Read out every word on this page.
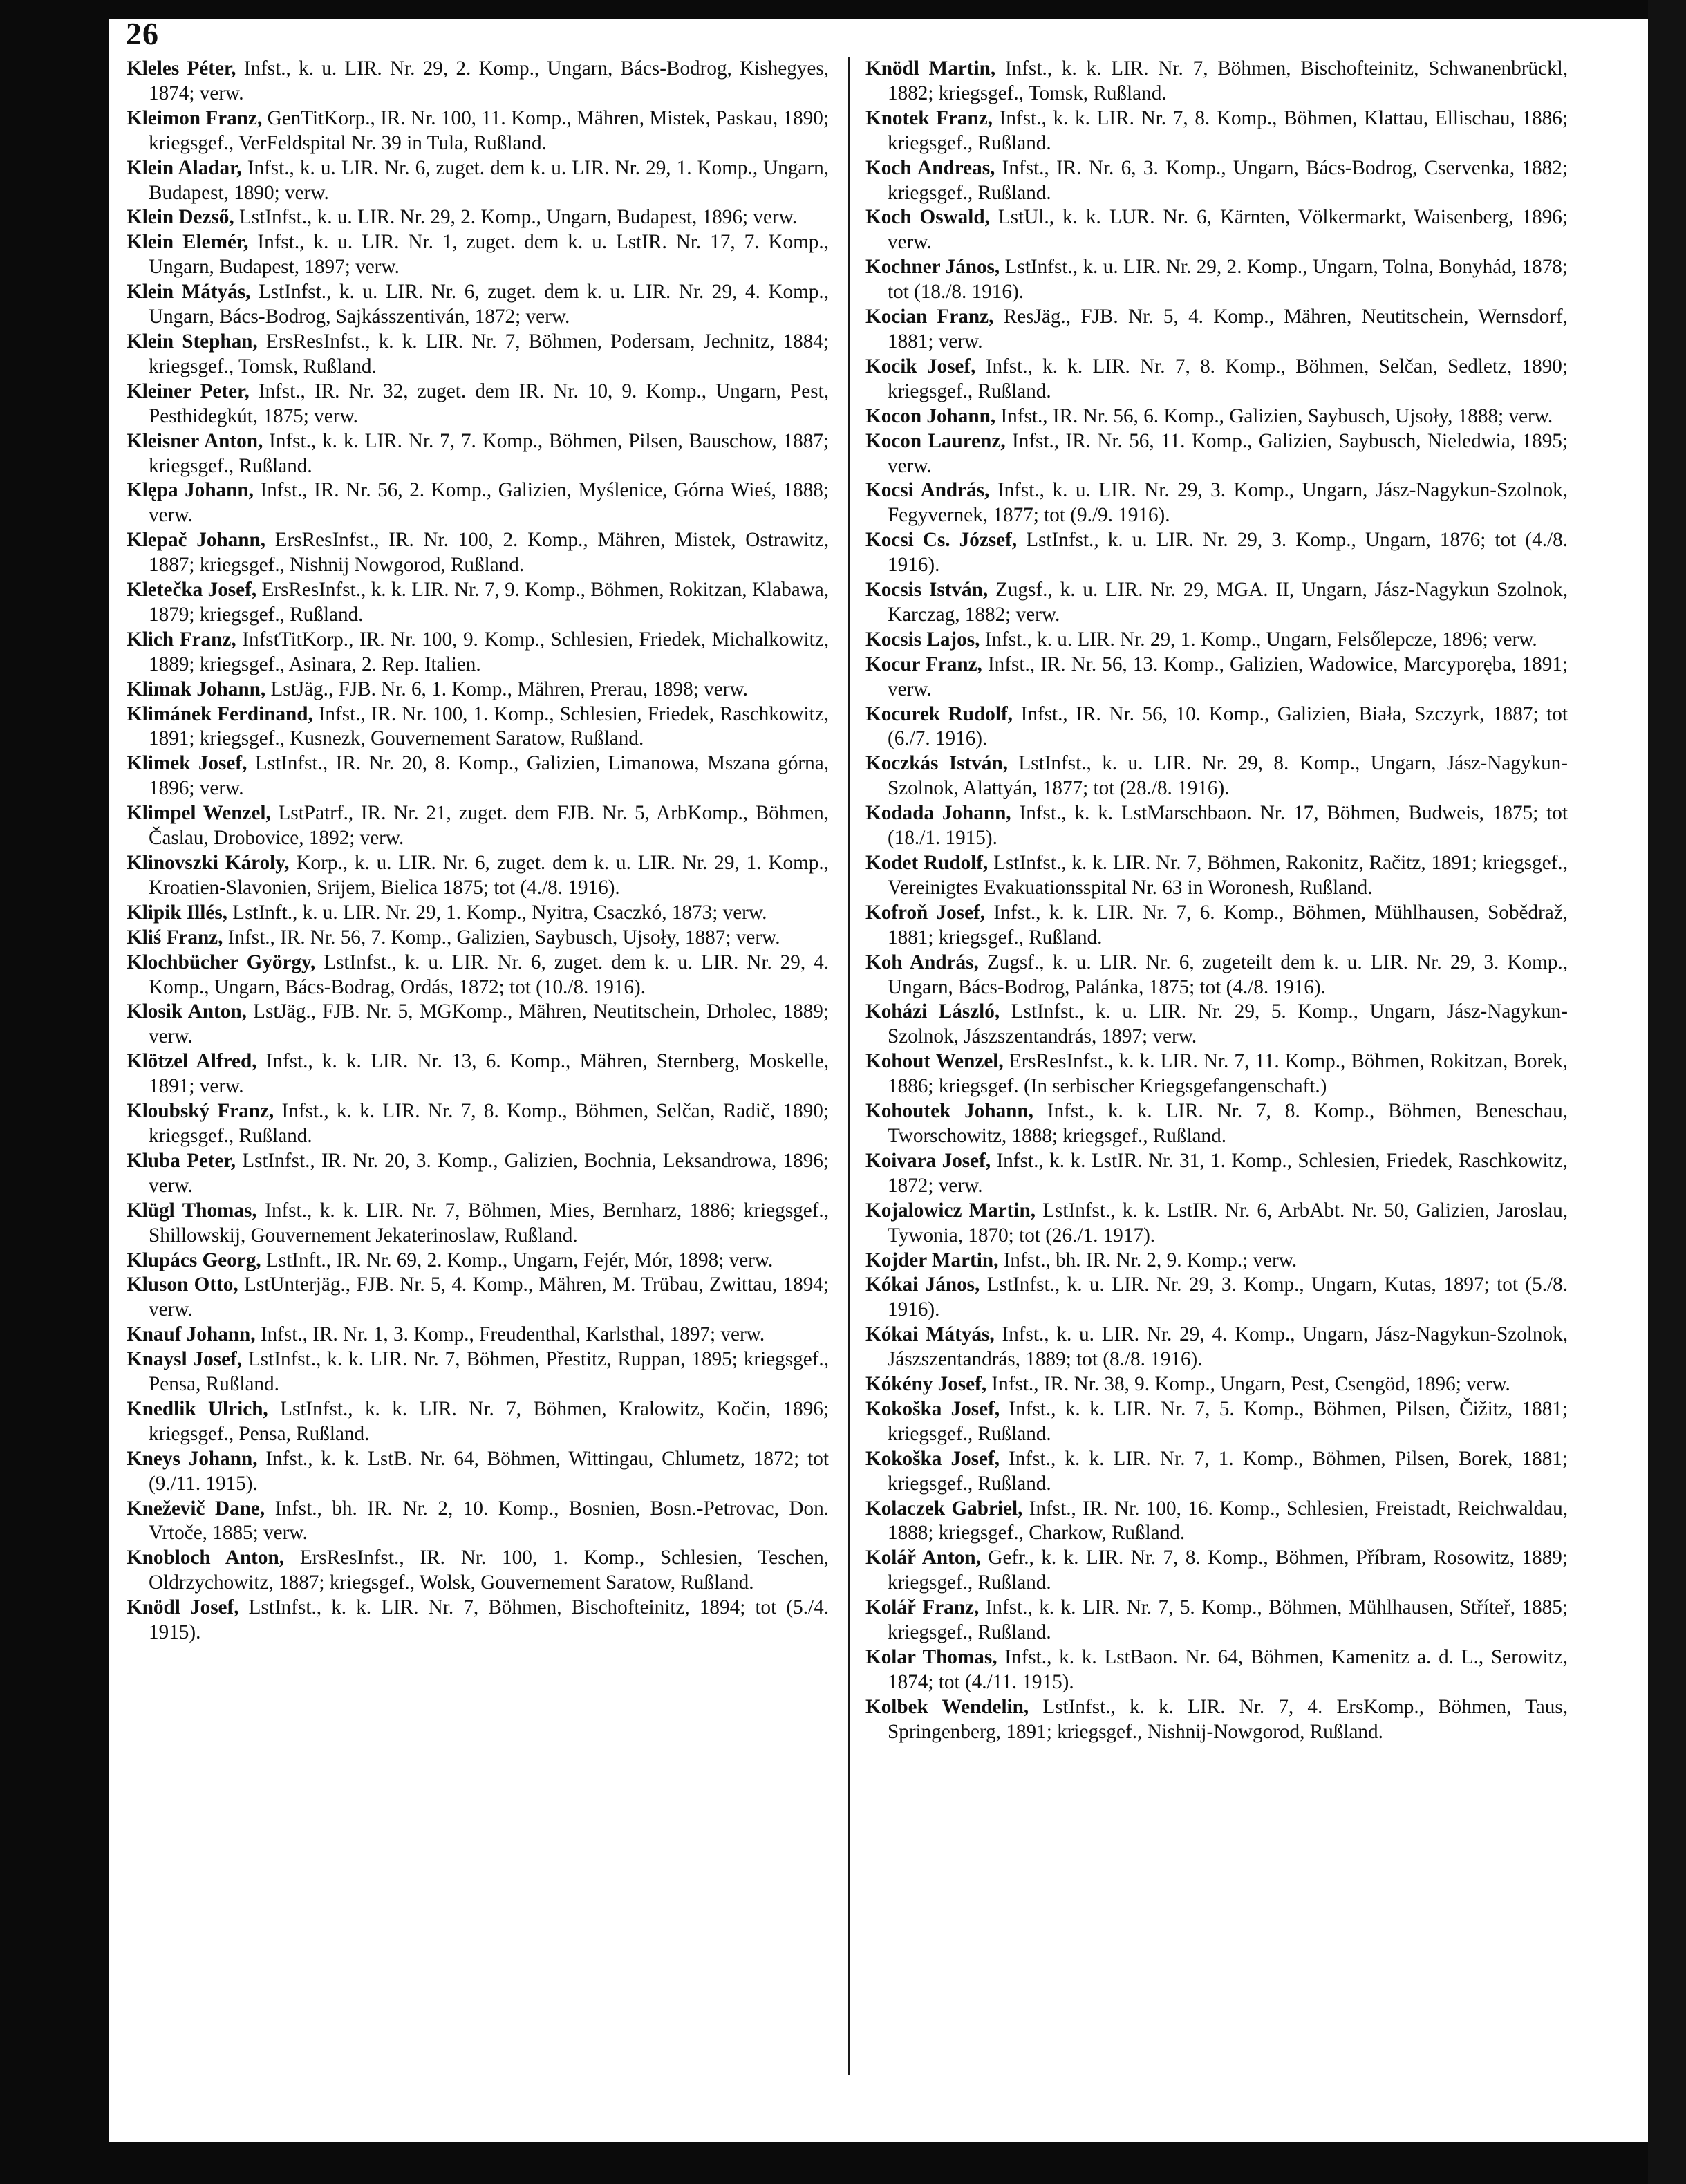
26

Kleles Péter, Infst., k. u. LIR. Nr. 29, 2. Komp., Ungarn, Bács-Bodrog, Kishegyes, 1874; verw.

Kleimon Franz, GenTitKorp., IR. Nr. 100, 11. Komp., Mähren, Mistek, Paskau, 1890; kriegsgef., VerFeldspital Nr. 39 in Tula, Rußland.

Klein Aladar, Infst., k. u. LIR. Nr. 6, zuget. dem k. u. LIR. Nr. 29, 1. Komp., Ungarn, Budapest, 1890; verw.

Klein Dezső, LstInfst., k. u. LIR. Nr. 29, 2. Komp., Ungarn, Budapest, 1896; verw.

Klein Elemér, Infst., k. u. LIR. Nr. 1, zuget. dem k. u. LstIR. Nr. 17, 7. Komp., Ungarn, Budapest, 1897; verw.

Klein Mátyás, LstInfst., k. u. LIR. Nr. 6, zuget. dem k. u. LIR. Nr. 29, 4. Komp., Ungarn, Bács-Bodrog, Sajkásszentiván, 1872; verw.

Klein Stephan, ErsResInfst., k. k. LIR. Nr. 7, Böhmen, Podersam, Jechnitz, 1884; kriegsgef., Tomsk, Rußland.

Kleiner Peter, Infst., IR. Nr. 32, zuget. dem IR. Nr. 10, 9. Komp., Ungarn, Pest, Pesthidegkút, 1875; verw.

Kleisner Anton, Infst., k. k. LIR. Nr. 7, 7. Komp., Böhmen, Pilsen, Bauschow, 1887; kriegsgef., Rußland.

Klępa Johann, Infst., IR. Nr. 56, 2. Komp., Galizien, Myślenice, Górna Wieś, 1888; verw.

Klepač Johann, ErsResInfst., IR. Nr. 100, 2. Komp., Mähren, Mistek, Ostrawitz, 1887; kriegsgef., Nishnij Nowgorod, Rußland.

Kletečka Josef, ErsResInfst., k. k. LIR. Nr. 7, 9. Komp., Böhmen, Rokitzan, Klabawa, 1879; kriegsgef., Rußland.

Klich Franz, InfstTitKorp., IR. Nr. 100, 9. Komp., Schlesien, Friedek, Michalkowitz, 1889; kriegsgef., Asinara, 2. Rep. Italien.

Klimak Johann, LstJäg., FJB. Nr. 6, 1. Komp., Mähren, Prerau, 1898; verw.

Klimánek Ferdinand, Infst., IR. Nr. 100, 1. Komp., Schlesien, Friedek, Raschkowitz, 1891; kriegsgef., Kusnezk, Gouvernement Saratow, Rußland.

Klimek Josef, LstInfst., IR. Nr. 20, 8. Komp., Galizien, Limanowa, Mszana górna, 1896; verw.

Klimpel Wenzel, LstPatrf., IR. Nr. 21, zuget. dem FJB. Nr. 5, ArbKomp., Böhmen, Časlau, Drobovice, 1892; verw.

Klinovszki Károly, Korp., k. u. LIR. Nr. 6, zuget. dem k. u. LIR. Nr. 29, 1. Komp., Kroatien-Slavonien, Srijem, Bielica 1875; tot (4./8. 1916).

Klipik Illés, LstInft., k. u. LIR. Nr. 29, 1. Komp., Nyitra, Csaczkó, 1873; verw.

Kliś Franz, Infst., IR. Nr. 56, 7. Komp., Galizien, Saybusch, Ujsoły, 1887; verw.

Klochbücher György, LstInfst., k. u. LIR. Nr. 6, zuget. dem k. u. LIR. Nr. 29, 4. Komp., Ungarn, Bács-Bodrag, Ordás, 1872; tot (10./8. 1916).

Klosik Anton, LstJäg., FJB. Nr. 5, MGKomp., Mähren, Neutitschein, Drholec, 1889; verw.

Klötzel Alfred, Infst., k. k. LIR. Nr. 13, 6. Komp., Mähren, Sternberg, Moskelle, 1891; verw.

Kloubský Franz, Infst., k. k. LIR. Nr. 7, 8. Komp., Böhmen, Selčan, Radič, 1890; kriegsgef., Rußland.

Kluba Peter, LstInfst., IR. Nr. 20, 3. Komp., Galizien, Bochnia, Leksandrowa, 1896; verw.

Klügl Thomas, Infst., k. k. LIR. Nr. 7, Böhmen, Mies, Bernharz, 1886; kriegsgef., Shillowskij, Gouvernement Jekaterinoslaw, Rußland.

Klupács Georg, LstInft., IR. Nr. 69, 2. Komp., Ungarn, Fejér, Mór, 1898; verw.

Kluson Otto, LstUnterjäg., FJB. Nr. 5, 4. Komp., Mähren, M. Trübau, Zwittau, 1894; verw.

Knauf Johann, Infst., IR. Nr. 1, 3. Komp., Freudenthal, Karlsthal, 1897; verw.

Knaysl Josef, LstInfst., k. k. LIR. Nr. 7, Böhmen, Přestitz, Ruppan, 1895; kriegsgef., Pensa, Rußland.

Knedlik Ulrich, LstInfst., k. k. LIR. Nr. 7, Böhmen, Kralowitz, Kočin, 1896; kriegsgef., Pensa, Rußland.

Kneys Johann, Infst., k. k. LstB. Nr. 64, Böhmen, Wittingau, Chlumetz, 1872; tot (9./11. 1915).

Kneževič Dane, Infst., bh. IR. Nr. 2, 10. Komp., Bosnien, Bosn.-Petrovac, Don. Vrtoče, 1885; verw.

Knobloch Anton, ErsResInfst., IR. Nr. 100, 1. Komp., Schlesien, Teschen, Oldrzychowitz, 1887; kriegsgef., Wolsk, Gouvernement Saratow, Rußland.

Knödl Josef, LstInfst., k. k. LIR. Nr. 7, Böhmen, Bischofteinitz, 1894; tot (5./4. 1915).

Knödl Martin, Infst., k. k. LIR. Nr. 7, Böhmen, Bischofteinitz, Schwanenbrückl, 1882; kriegsgef., Tomsk, Rußland.

Knotek Franz, Infst., k. k. LIR. Nr. 7, 8. Komp., Böhmen, Klattau, Ellischau, 1886; kriegsgef., Rußland.

Koch Andreas, Infst., IR. Nr. 6, 3. Komp., Ungarn, Bács-Bodrog, Cservenka, 1882; kriegsgef., Rußland.

Koch Oswald, LstUl., k. k. LUR. Nr. 6, Kärnten, Völkermarkt, Waisenberg, 1896; verw.

Kochner János, LstInfst., k. u. LIR. Nr. 29, 2. Komp., Ungarn, Tolna, Bonyhád, 1878; tot (18./8. 1916).

Kocian Franz, ResJäg., FJB. Nr. 5, 4. Komp., Mähren, Neutitschein, Wernsdorf, 1881; verw.

Kocik Josef, Infst., k. k. LIR. Nr. 7, 8. Komp., Böhmen, Selčan, Sedletz, 1890; kriegsgef., Rußland.

Kocon Johann, Infst., IR. Nr. 56, 6. Komp., Galizien, Saybusch, Ujsoły, 1888; verw.

Kocon Laurenz, Infst., IR. Nr. 56, 11. Komp., Galizien, Saybusch, Nieledwia, 1895; verw.

Kocsi András, Infst., k. u. LIR. Nr. 29, 3. Komp., Ungarn, Jász-Nagykun-Szolnok, Fegyvernek, 1877; tot (9./9. 1916).

Kocsi Cs. József, LstInfst., k. u. LIR. Nr. 29, 3. Komp., Ungarn, 1876; tot (4./8. 1916).

Kocsis István, Zugsf., k. u. LIR. Nr. 29, MGA. II, Ungarn, Jász-Nagykun Szolnok, Karczag, 1882; verw.

Kocsis Lajos, Infst., k. u. LIR. Nr. 29, 1. Komp., Ungarn, Felsőlepcze, 1896; verw.

Kocur Franz, Infst., IR. Nr. 56, 13. Komp., Galizien, Wadowice, Marcyporęba, 1891; verw.

Kocurek Rudolf, Infst., IR. Nr. 56, 10. Komp., Galizien, Biała, Szczyrk, 1887; tot (6./7. 1916).

Koczkás István, LstInfst., k. u. LIR. Nr. 29, 8. Komp., Ungarn, Jász-Nagykun-Szolnok, Alattyán, 1877; tot (28./8. 1916).

Kodada Johann, Infst., k. k. LstMarschbaon. Nr. 17, Böhmen, Budweis, 1875; tot (18./1. 1915).

Kodet Rudolf, LstInfst., k. k. LIR. Nr. 7, Böhmen, Rakonitz, Račitz, 1891; kriegsgef., Vereinigtes Evakuationsspital Nr. 63 in Woronesh, Rußland.

Kofroň Josef, Infst., k. k. LIR. Nr. 7, 6. Komp., Böhmen, Mühlhausen, Sobědraž, 1881; kriegsgef., Rußland.

Koh András, Zugsf., k. u. LIR. Nr. 6, zugeteilt dem k. u. LIR. Nr. 29, 3. Komp., Ungarn, Bács-Bodrog, Palánka, 1875; tot (4./8. 1916).

Koházi László, LstInfst., k. u. LIR. Nr. 29, 5. Komp., Ungarn, Jász-Nagykun-Szolnok, Jászszentandrás, 1897; verw.

Kohout Wenzel, ErsResInfst., k. k. LIR. Nr. 7, 11. Komp., Böhmen, Rokitzan, Borek, 1886; kriegsgef. (In serbischer Kriegsgefangenschaft.)

Kohoutek Johann, Infst., k. k. LIR. Nr. 7, 8. Komp., Böhmen, Beneschau, Tworschowitz, 1888; kriegsgef., Rußland.

Koivara Josef, Infst., k. k. LstIR. Nr. 31, 1. Komp., Schlesien, Friedek, Raschkowitz, 1872; verw.

Kojalowicz Martin, LstInfst., k. k. LstIR. Nr. 6, ArbAbt. Nr. 50, Galizien, Jaroslau, Tywonia, 1870; tot (26./1. 1917).

Kojder Martin, Infst., bh. IR. Nr. 2, 9. Komp.; verw.

Kókai János, LstInfst., k. u. LIR. Nr. 29, 3. Komp., Ungarn, Kutas, 1897; tot (5./8. 1916).

Kókai Mátyás, Infst., k. u. LIR. Nr. 29, 4. Komp., Ungarn, Jász-Nagykun-Szolnok, Jászszentandrás, 1889; tot (8./8. 1916).

Kókény Josef, Infst., IR. Nr. 38, 9. Komp., Ungarn, Pest, Csengöd, 1896; verw.

Kokoška Josef, Infst., k. k. LIR. Nr. 7, 5. Komp., Böhmen, Pilsen, Čižitz, 1881; kriegsgef., Rußland.

Kokoška Josef, Infst., k. k. LIR. Nr. 7, 1. Komp., Böhmen, Pilsen, Borek, 1881; kriegsgef., Rußland.

Kolaczek Gabriel, Infst., IR. Nr. 100, 16. Komp., Schlesien, Freistadt, Reichwaldau, 1888; kriegsgef., Charkow, Rußland.

Kolář Anton, Gefr., k. k. LIR. Nr. 7, 8. Komp., Böhmen, Příbram, Rosowitz, 1889; kriegsgef., Rußland.

Kolář Franz, Infst., k. k. LIR. Nr. 7, 5. Komp., Böhmen, Mühlhausen, Stříteř, 1885; kriegsgef., Rußland.

Kolar Thomas, Infst., k. k. LstBaon. Nr. 64, Böhmen, Kamenitz a. d. L., Serowitz, 1874; tot (4./11. 1915).

Kolbek Wendelin, LstInfst., k. k. LIR. Nr. 7, 4. ErsKomp., Böhmen, Taus, Springenberg, 1891; kriegsgef., Nishnij-Nowgorod, Rußland.
